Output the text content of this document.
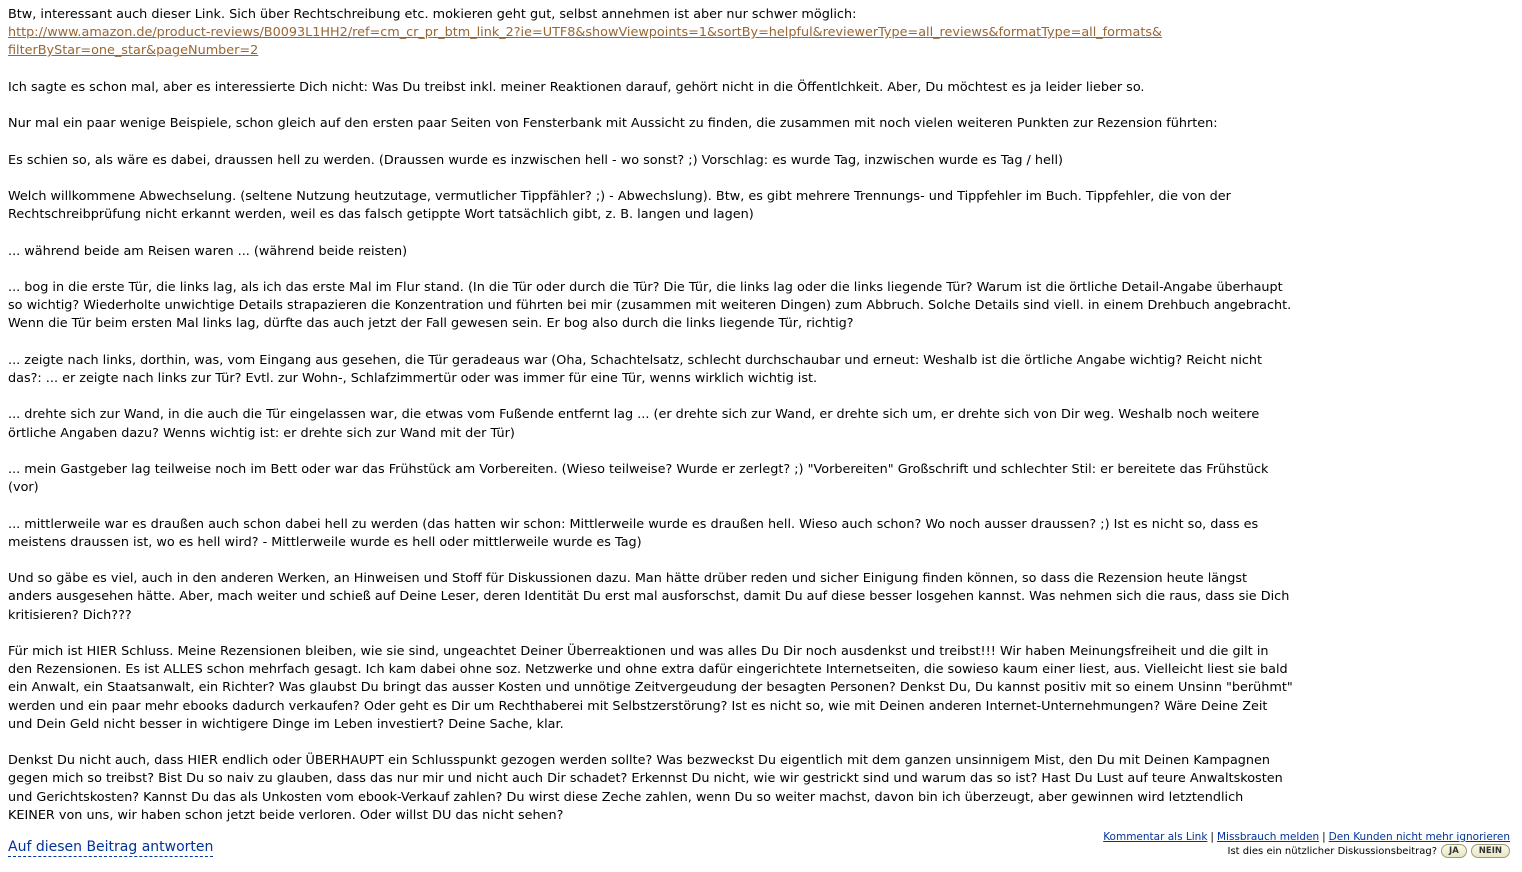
Btw, interessant auch dieser Link. Sich über Rechtschreibung etc. mokieren geht gut, selbst annehmen ist aber nur schwer möglich:
http://www.amazon.de/product-reviews/B0093L1HH2/ref=cm_cr_pr_btm_link_2?ie=UTF8&showViewpoints=1&sortBy=helpful&reviewerType=all_reviews&formatType=all_formats&
filterByStar=one_star&pageNumber=2

Ich sagte es schon mal, aber es interessierte Dich nicht: Was Du treibst inkl. meiner Reaktionen darauf, gehört nicht in die Öffentlchkeit. Aber, Du möchtest es ja leider lieber so.

Nur mal ein paar wenige Beispiele, schon gleich auf den ersten paar Seiten von Fensterbank mit Aussicht zu finden, die zusammen mit noch vielen weiteren Punkten zur Rezension führten:

Es schien so, als wäre es dabei, draussen hell zu werden. (Draussen wurde es inzwischen hell - wo sonst? ;) Vorschlag: es wurde Tag, inzwischen wurde es Tag / hell)

Welch willkommene Abwechselung. (seltene Nutzung heutzutage, vermutlicher Tippfähler? ;) - Abwechslung). Btw, es gibt mehrere Trennungs- und Tippfehler im Buch. Tippfehler, die von der Rechtschreibprüfung nicht erkannt werden, weil es das falsch getippte Wort tatsächlich gibt, z. B. langen und lagen)

... während beide am Reisen waren ... (während beide reisten)

... bog in die erste Tür, die links lag, als ich das erste Mal im Flur stand. (In die Tür oder durch die Tür? Die Tür, die links lag oder die links liegende Tür? Warum ist die örtliche Detail-Angabe überhaupt so wichtig? Wiederholte unwichtige Details strapazieren die Konzentration und führten bei mir (zusammen mit weiteren Dingen) zum Abbruch. Solche Details sind viell. in einem Drehbuch angebracht. Wenn die Tür beim ersten Mal links lag, dürfte das auch jetzt der Fall gewesen sein. Er bog also durch die links liegende Tür, richtig?

... zeigte nach links, dorthin, was, vom Eingang aus gesehen, die Tür geradeaus war (Oha, Schachtelsatz, schlecht durchschaubar und erneut: Weshalb ist die örtliche Angabe wichtig? Reicht nicht das?: ... er zeigte nach links zur Tür? Evtl. zur Wohn-, Schlafzimmertür oder was immer für eine Tür, wenns wirklich wichtig ist.

... drehte sich zur Wand, in die auch die Tür eingelassen war, die etwas vom Fußende entfernt lag ... (er drehte sich zur Wand, er drehte sich um, er drehte sich von Dir weg. Weshalb noch weitere örtliche Angaben dazu? Wenns wichtig ist: er drehte sich zur Wand mit der Tür)

... mein Gastgeber lag teilweise noch im Bett oder war das Frühstück am Vorbereiten. (Wieso teilweise? Wurde er zerlegt? ;) "Vorbereiten" Großschrift und schlechter Stil: er bereitete das Frühstück (vor)

... mittlerweile war es draußen auch schon dabei hell zu werden (das hatten wir schon: Mittlerweile wurde es draußen hell. Wieso auch schon? Wo noch ausser draussen? ;) Ist es nicht so, dass es meistens draussen ist, wo es hell wird? - Mittlerweile wurde es hell oder mittlerweile wurde es Tag)

Und so gäbe es viel, auch in den anderen Werken, an Hinweisen und Stoff für Diskussionen dazu. Man hätte drüber reden und sicher Einigung finden können, so dass die Rezension heute längst anders ausgesehen hätte. Aber, mach weiter und schieß auf Deine Leser, deren Identität Du erst mal ausforschst, damit Du auf diese besser losgehen kannst. Was nehmen sich die raus, dass sie Dich kritisieren? Dich???

Für mich ist HIER Schluss. Meine Rezensionen bleiben, wie sie sind, ungeachtet Deiner Überreaktionen und was alles Du Dir noch ausdenkst und treibst!!! Wir haben Meinungsfreiheit und die gilt in den Rezensionen. Es ist ALLES schon mehrfach gesagt. Ich kam dabei ohne soz. Netzwerke und ohne extra dafür eingerichtete Internetseiten, die sowieso kaum einer liest, aus. Vielleicht liest sie bald ein Anwalt, ein Staatsanwalt, ein Richter? Was glaubst Du bringt das ausser Kosten und unnötige Zeitvergeudung der besagten Personen? Denkst Du, Du kannst positiv mit so einem Unsinn "berühmt" werden und ein paar mehr ebooks dadurch verkaufen? Oder geht es Dir um Rechthaberei mit Selbstzerstörung? Ist es nicht so, wie mit Deinen anderen Internet-Unternehmungen? Wäre Deine Zeit und Dein Geld nicht besser in wichtigere Dinge im Leben investiert? Deine Sache, klar.

Denkst Du nicht auch, dass HIER endlich oder ÜBERHAUPT ein Schlusspunkt gezogen werden sollte? Was bezweckst Du eigentlich mit dem ganzen unsinnigem Mist, den Du mit Deinen Kampagnen gegen mich so treibst? Bist Du so naiv zu glauben, dass das nur mir und nicht auch Dir schadet? Erkennst Du nicht, wie wir gestrickt sind und warum das so ist? Hast Du Lust auf teure Anwaltskosten und Gerichtskosten? Kannst Du das als Unkosten vom ebook-Verkauf zahlen? Du wirst diese Zeche zahlen, wenn Du so weiter machst, davon bin ich überzeugt, aber gewinnen wird letztendlich KEINER von uns, wir haben schon jetzt beide verloren. Oder willst DU das nicht sehen?

Auf diesen Beitrag antworten
Kommentar als Link | Missbrauch melden | Den Kunden nicht mehr ignorieren
Ist dies ein nützlicher Diskussionsbeitrag?	JA	NEIN
